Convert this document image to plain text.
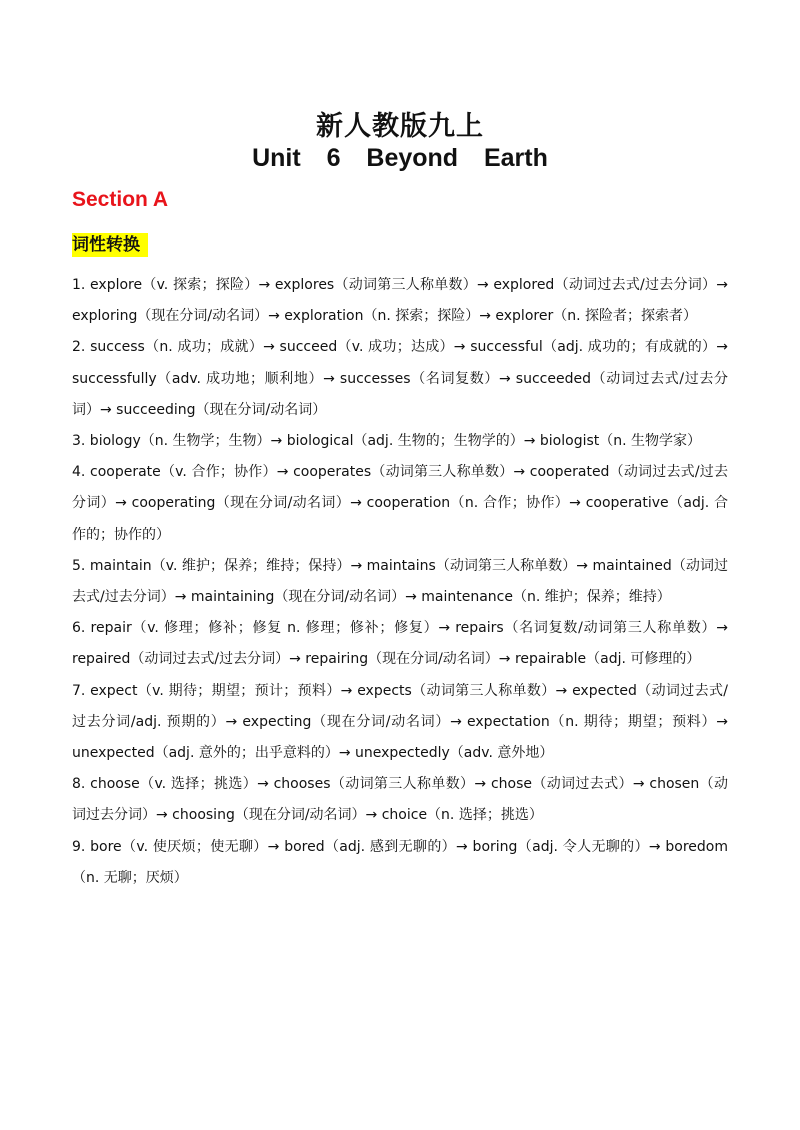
新人教版九上
Unit  6  Beyond  Earth
Section A
词性转换

1. explore（v. 探索；探险）→ explores（动词第三人称单数）→ explored（动词过去式/过去分词）→ exploring（现在分词/动名词）→ exploration（n. 探索；探险）→ explorer（n. 探险者；探索者）

2. success（n. 成功；成就）→ succeed（v. 成功；达成）→ successful（adj. 成功的；有成就的）→ successfully（adv. 成功地；顺利地）→ successes（名词复数）→ succeeded（动词过去式/过去分词）→ succeeding（现在分词/动名词）

3. biology（n. 生物学；生物）→ biological（adj. 生物的；生物学的）→ biologist（n. 生物学家）

4. cooperate（v. 合作；协作）→ cooperates（动词第三人称单数）→ cooperated（动词过去式/过去分词）→ cooperating（现在分词/动名词）→ cooperation（n. 合作；协作）→ cooperative（adj. 合作的；协作的）

5. maintain（v. 维护；保养；维持；保持）→ maintains（动词第三人称单数）→ maintained（动词过去式/过去分词）→ maintaining（现在分词/动名词）→ maintenance（n. 维护；保养；维持）

6. repair（v. 修理；修补；修复 n. 修理；修补；修复）→ repairs（名词复数/动词第三人称单数）→ repaired（动词过去式/过去分词）→ repairing（现在分词/动名词）→ repairable（adj. 可修理的）

7. expect（v. 期待；期望；预计；预料）→ expects（动词第三人称单数）→ expected（动词过去式/过去分词/adj. 预期的）→ expecting（现在分词/动名词）→ expectation（n. 期待；期望；预料）→ unexpected（adj. 意外的；出乎意料的）→ unexpectedly（adv. 意外地）

8. choose（v. 选择；挑选）→ chooses（动词第三人称单数）→ chose（动词过去式）→ chosen（动词过去分词）→ choosing（现在分词/动名词）→ choice（n. 选择；挑选）

9. bore（v. 使厌烦；使无聊）→ bored（adj. 感到无聊的）→ boring（adj. 令人无聊的）→ boredom（n. 无聊；厌烦）
